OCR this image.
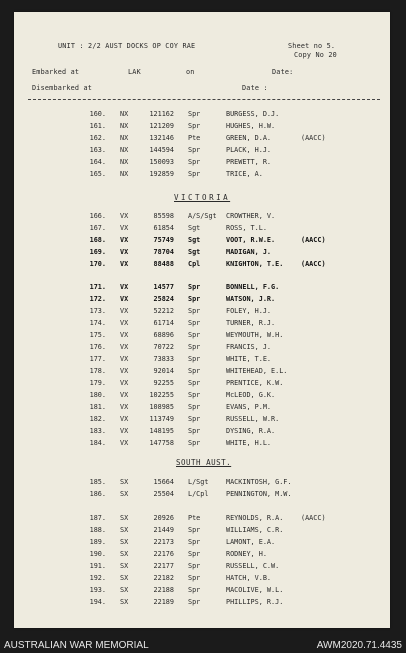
UNIT : 2/2 AUST DOCKS OP COY RAE	Sheet no 5.
Copy No 20
Embarked at	LAK	on	Date:
Disembarked at	Date :
VICTORIA
SOUTH AUST.
160. NX	121162 Spr	BURGESS, D.J.
161. NX	121209 Spr	HUGHES, H.W.
162. NX	132146 Pte	GREEN, D.A.	(AACC)
163. NX	144594 Spr	PLACK, H.J.
164. NX	150093 Spr	PREWETT, R.
165. NX	192859 Spr	TRICE, A.
166. VX	85598 A/S/Sgt CROWTHER, V.
167. VX	61854 Sgt	ROSS, T.L.
168. VX	75749 Sgt	VOOT, R.W.E.	(AACC)
169. VX	78704 Sgt	MADIGAN, J.
170. VX	88488 Cpl	KNIGHTON, T.E.	(AACC)
171. VX	14577 Spr	BONNELL, F.G.
172. VX	25824 Spr	WATSON, J.R.
173. VX	52212 Spr	FOLEY, H.J.
174. VX	61714 Spr	TURNER, R.J.
175. VX	68896 Spr	WEYMOUTH, W.H.
176. VX	70722 Spr	FRANCIS, J.
177. VX	73833 Spr	WHITE, T.E.
178. VX	92014 Spr	WHITEHEAD, E.L.
179. VX	92255 Spr	PRENTICE, K.W.
180. VX	102255 Spr	McLEOD, G.K.
181. VX	108985 Spr	EVANS, P.M.
182. VX	113749 Spr	RUSSELL, W.R.
183. VX	148195 Spr	DYSING, R.A.
184. VX	147758 Spr	WHITE, H.L.
185. SX	15664 L/Sgt	MACKINTOSH, G.F.
186. SX	25504 L/Cpl	PENNINGTON, M.W.
187. SX	20926 Pte	REYNOLDS, R.A.	(AACC)
188. SX	21449 Spr	WILLIAMS, C.R.
189. SX	22173 Spr	LAMONT, E.A.
190. SX	22176 Spr	RODNEY, H.
191. SX	22177 Spr	RUSSELL, C.W.
192. SX	22182 Spr	HATCH, V.B.
193. SX	22188 Spr	MACOLIVE, W.L.
194. SX	22189 Spr	PHILLIPS, R.J.
AUSTRALIAN WAR MEMORIAL	AWM2020.71.4435
